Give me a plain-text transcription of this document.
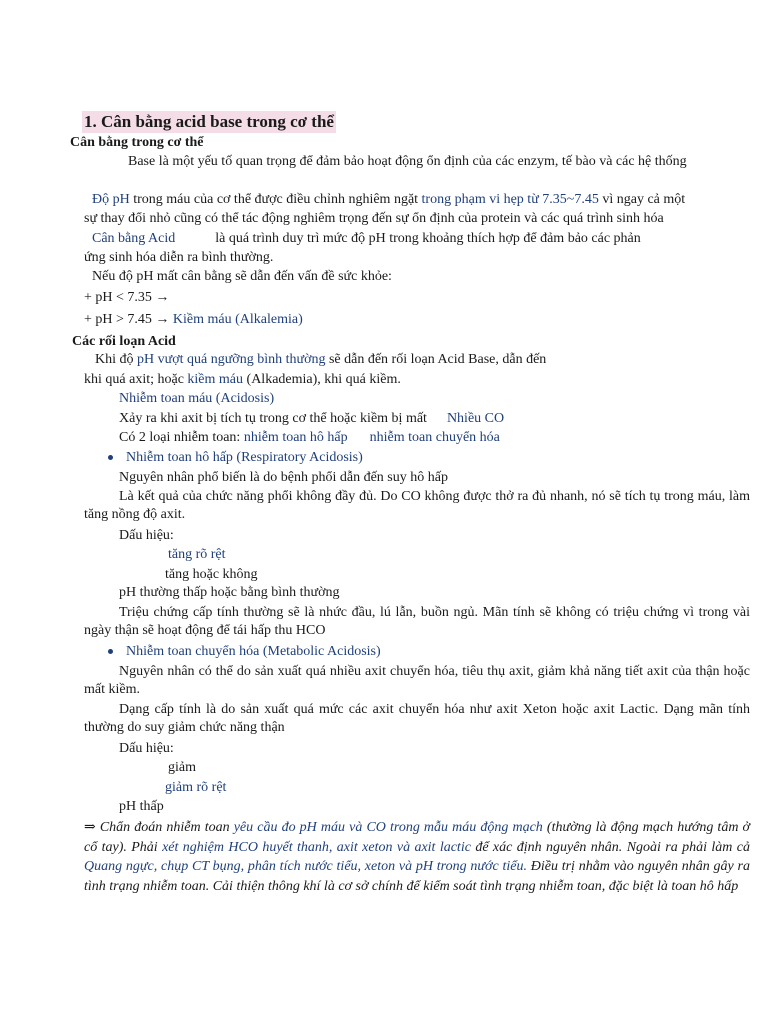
1. Cân bằng acid base trong cơ thể
Cân bằng trong cơ thể
Base là một yếu tố quan trọng để đảm bảo hoạt động ổn định của các enzym, tế bào và các hệ thống
Độ pH trong máu của cơ thể được điều chỉnh nghiêm ngặt trong phạm vi hẹp từ 7.35~7.45 vì ngay cả một
sự thay đổi nhỏ cũng có thể tác động nghiêm trọng đến sự ổn định của protein và các quá trình sinh hóa
Cân bằng Acid	là quá trình duy trì mức độ pH trong khoảng thích hợp để đảm bảo các phản
ứng sinh hóa diễn ra bình thường.
Nếu độ pH mất cân bằng sẽ dẫn đến vấn đề sức khỏe:
+ pH < 7.35 →
+ pH > 7.45 → Kiềm máu (Alkalemia)
Các rối loạn Acid
Khi độ pH vượt quá ngưỡng bình thường sẽ dẫn đến rối loạn Acid Base, dẫn đến
khi quá axit; hoặc kiềm máu (Alkademia), khi quá kiềm.
Nhiễm toan máu (Acidosis)
Xảy ra khi axit bị tích tụ trong cơ thể hoặc kiềm bị mất Nhiều CO
Có 2 loại nhiễm toan: nhiễm toan hô hấp nhiễm toan chuyển hóa
Nhiễm toan hô hấp (Respiratory Acidosis)
Nguyên nhân phổ biến là do bệnh phổi dẫn đến suy hô hấp
Là kết quả của chức năng phổi không đầy đủ. Do CO không được thở ra đủ nhanh, nó sẽ tích tụ trong máu, làm tăng nồng độ axit.
Dấu hiệu:
tăng rõ rệt
tăng hoặc không
pH thường thấp hoặc bằng bình thường
Triệu chứng cấp tính thường sẽ là nhức đầu, lú lẫn, buồn ngủ. Mãn tính sẽ không có triệu chứng vì trong vài ngày thận sẽ hoạt động để tái hấp thu HCO
Nhiễm toan chuyển hóa (Metabolic Acidosis)
Nguyên nhân có thể do sản xuất quá nhiều axit chuyển hóa, tiêu thụ axit, giảm khả năng tiết axit của thận hoặc mất kiềm.
Dạng cấp tính là do sản xuất quá mức các axit chuyển hóa như axit Xeton hoặc axit Lactic. Dạng mãn tính thường do suy giảm chức năng thận
Dấu hiệu:
giảm
giảm rõ rệt
pH thấp
⇒ Chẩn đoán nhiễm toan yêu cầu đo pH máu và CO trong mẫu máu động mạch (thường là động mạch hướng tâm ở cổ tay). Phải xét nghiệm HCO huyết thanh, axit xeton và axit lactic để xác định nguyên nhân. Ngoài ra phải làm cả Quang ngực, chụp CT bụng, phân tích nước tiểu, xeton và pH trong nước tiểu. Điều trị nhằm vào nguyên nhân gây ra tình trạng nhiễm toan. Cải thiện thông khí là cơ sở chính để kiểm soát tình trạng nhiễm toan, đặc biệt là toan hô hấp
